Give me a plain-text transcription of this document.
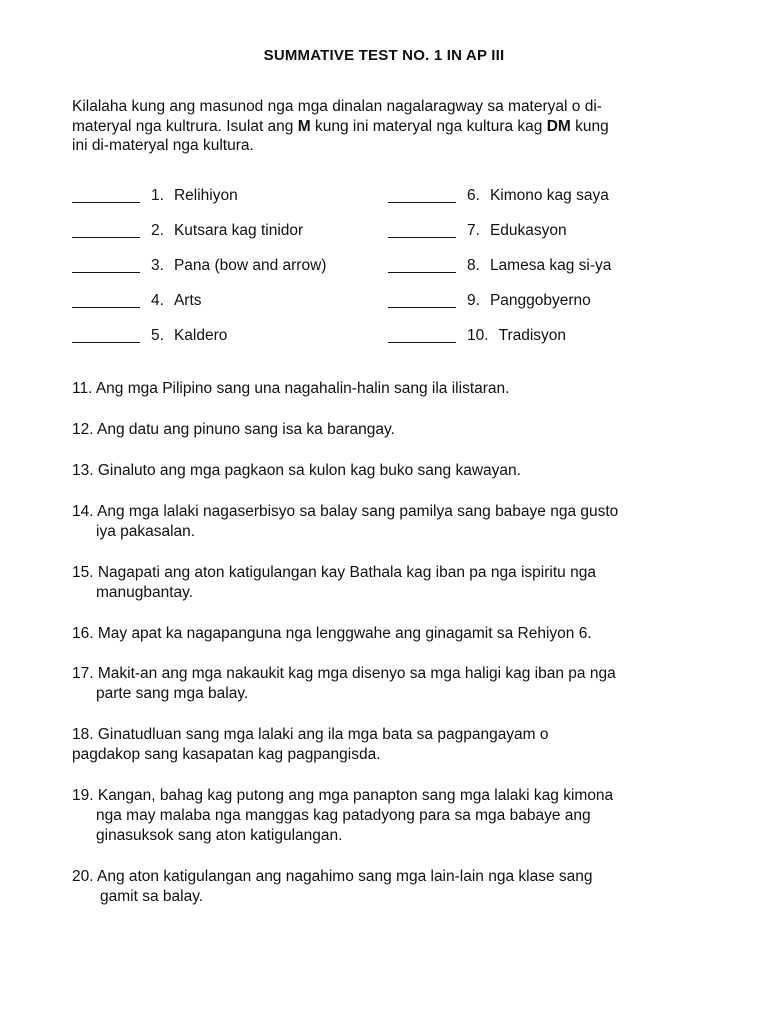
SUMMATIVE TEST NO. 1 IN AP III
Kilalaha kung ang masunod nga mga dinalan nagalaragway sa materyal o di-
materyal nga kultrura. Isulat ang M kung ini materyal nga kultura kag DM kung
ini di-materyal nga kultura.
1. Relihiyon
2. Kutsara kag tinidor
3. Pana (bow and arrow)
4. Arts
5. Kaldero
6. Kimono kag saya
7. Edukasyon
8. Lamesa kag si-ya
9. Panggobyerno
10. Tradisyon
11. Ang mga Pilipino sang una nagahalin-halin sang ila ilistaran.
12. Ang datu ang pinuno sang isa ka barangay.
13. Ginaluto ang mga pagkaon sa kulon kag buko sang kawayan.
14. Ang mga lalaki nagaserbisyo sa balay sang pamilya sang babaye nga gusto
iya pakasalan.
15. Nagapati ang aton katigulangan kay Bathala kag iban pa nga ispiritu nga
manugbantay.
16. May apat ka nagapanguna nga lenggwahe ang ginagamit sa Rehiyon 6.
17. Makit-an ang mga nakaukit kag mga disenyo sa mga haligi kag iban pa nga
parte sang mga balay.
18. Ginatudluan sang mga lalaki ang ila mga bata sa pagpangayam o
pagdakop sang kasapatan kag pagpangisda.
19. Kangan, bahag kag putong ang mga panapton sang mga lalaki kag kimona
nga may malaba nga manggas kag patadyong para sa mga babaye ang
ginasuksok sang aton katigulangan.
20. Ang aton katigulangan ang nagahimo sang mga lain-lain nga klase sang
gamit sa balay.
